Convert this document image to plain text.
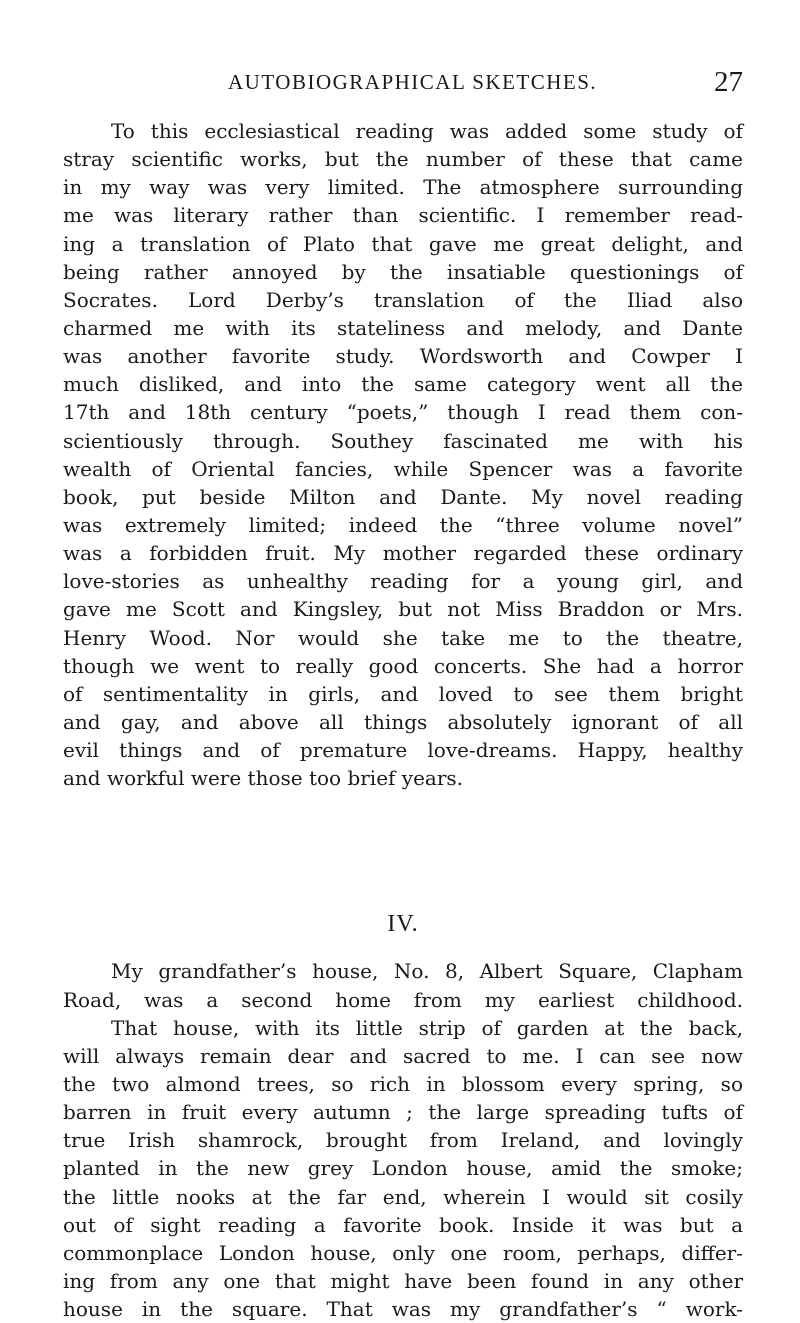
AUTOBIOGRAPHICAL SKETCHES.	27

To this ecclesiastical reading was added some study of
stray scientific works, but the number of these that came
in my way was very limited. The atmosphere surrounding
me was literary rather than scientific. I remember read-
ing a translation of Plato that gave me great delight, and
being rather annoyed by the insatiable questionings of
Socrates. Lord Derby’s translation of the Iliad also
charmed me with its stateliness and melody, and Dante
was another favorite study. Wordsworth and Cowper I
much disliked, and into the same category went all the
17th and 18th century “poets,” though I read them con-
scientiously through. Southey fascinated me with his
wealth of Oriental fancies, while Spencer was a favorite
book, put beside Milton and Dante. My novel reading
was extremely limited; indeed the “three volume novel”
was a forbidden fruit. My mother regarded these ordinary
love-stories as unhealthy reading for a young girl, and
gave me Scott and Kingsley, but not Miss Braddon or Mrs.
Henry Wood. Nor would she take me to the theatre,
though we went to really good concerts. She had a horror
of sentimentality in girls, and loved to see them bright
and gay, and above all things absolutely ignorant of all
evil things and of premature love-dreams. Happy, healthy
and workful were those too brief years.

IV.

My grandfather’s house, No. 8, Albert Square, Clapham
Road, was a second home from my earliest childhood.
That house, with its little strip of garden at the back,
will always remain dear and sacred to me. I can see now
the two almond trees, so rich in blossom every spring, so
barren in fruit every autumn ; the large spreading tufts of
true Irish shamrock, brought from Ireland, and lovingly
planted in the new grey London house, amid the smoke;
the little nooks at the far end, wherein I would sit cosily
out of sight reading a favorite book. Inside it was but a
commonplace London house, only one room, perhaps, differ-
ing from any one that might have been found in any other
house in the square. That was my grandfather’s “ work-
